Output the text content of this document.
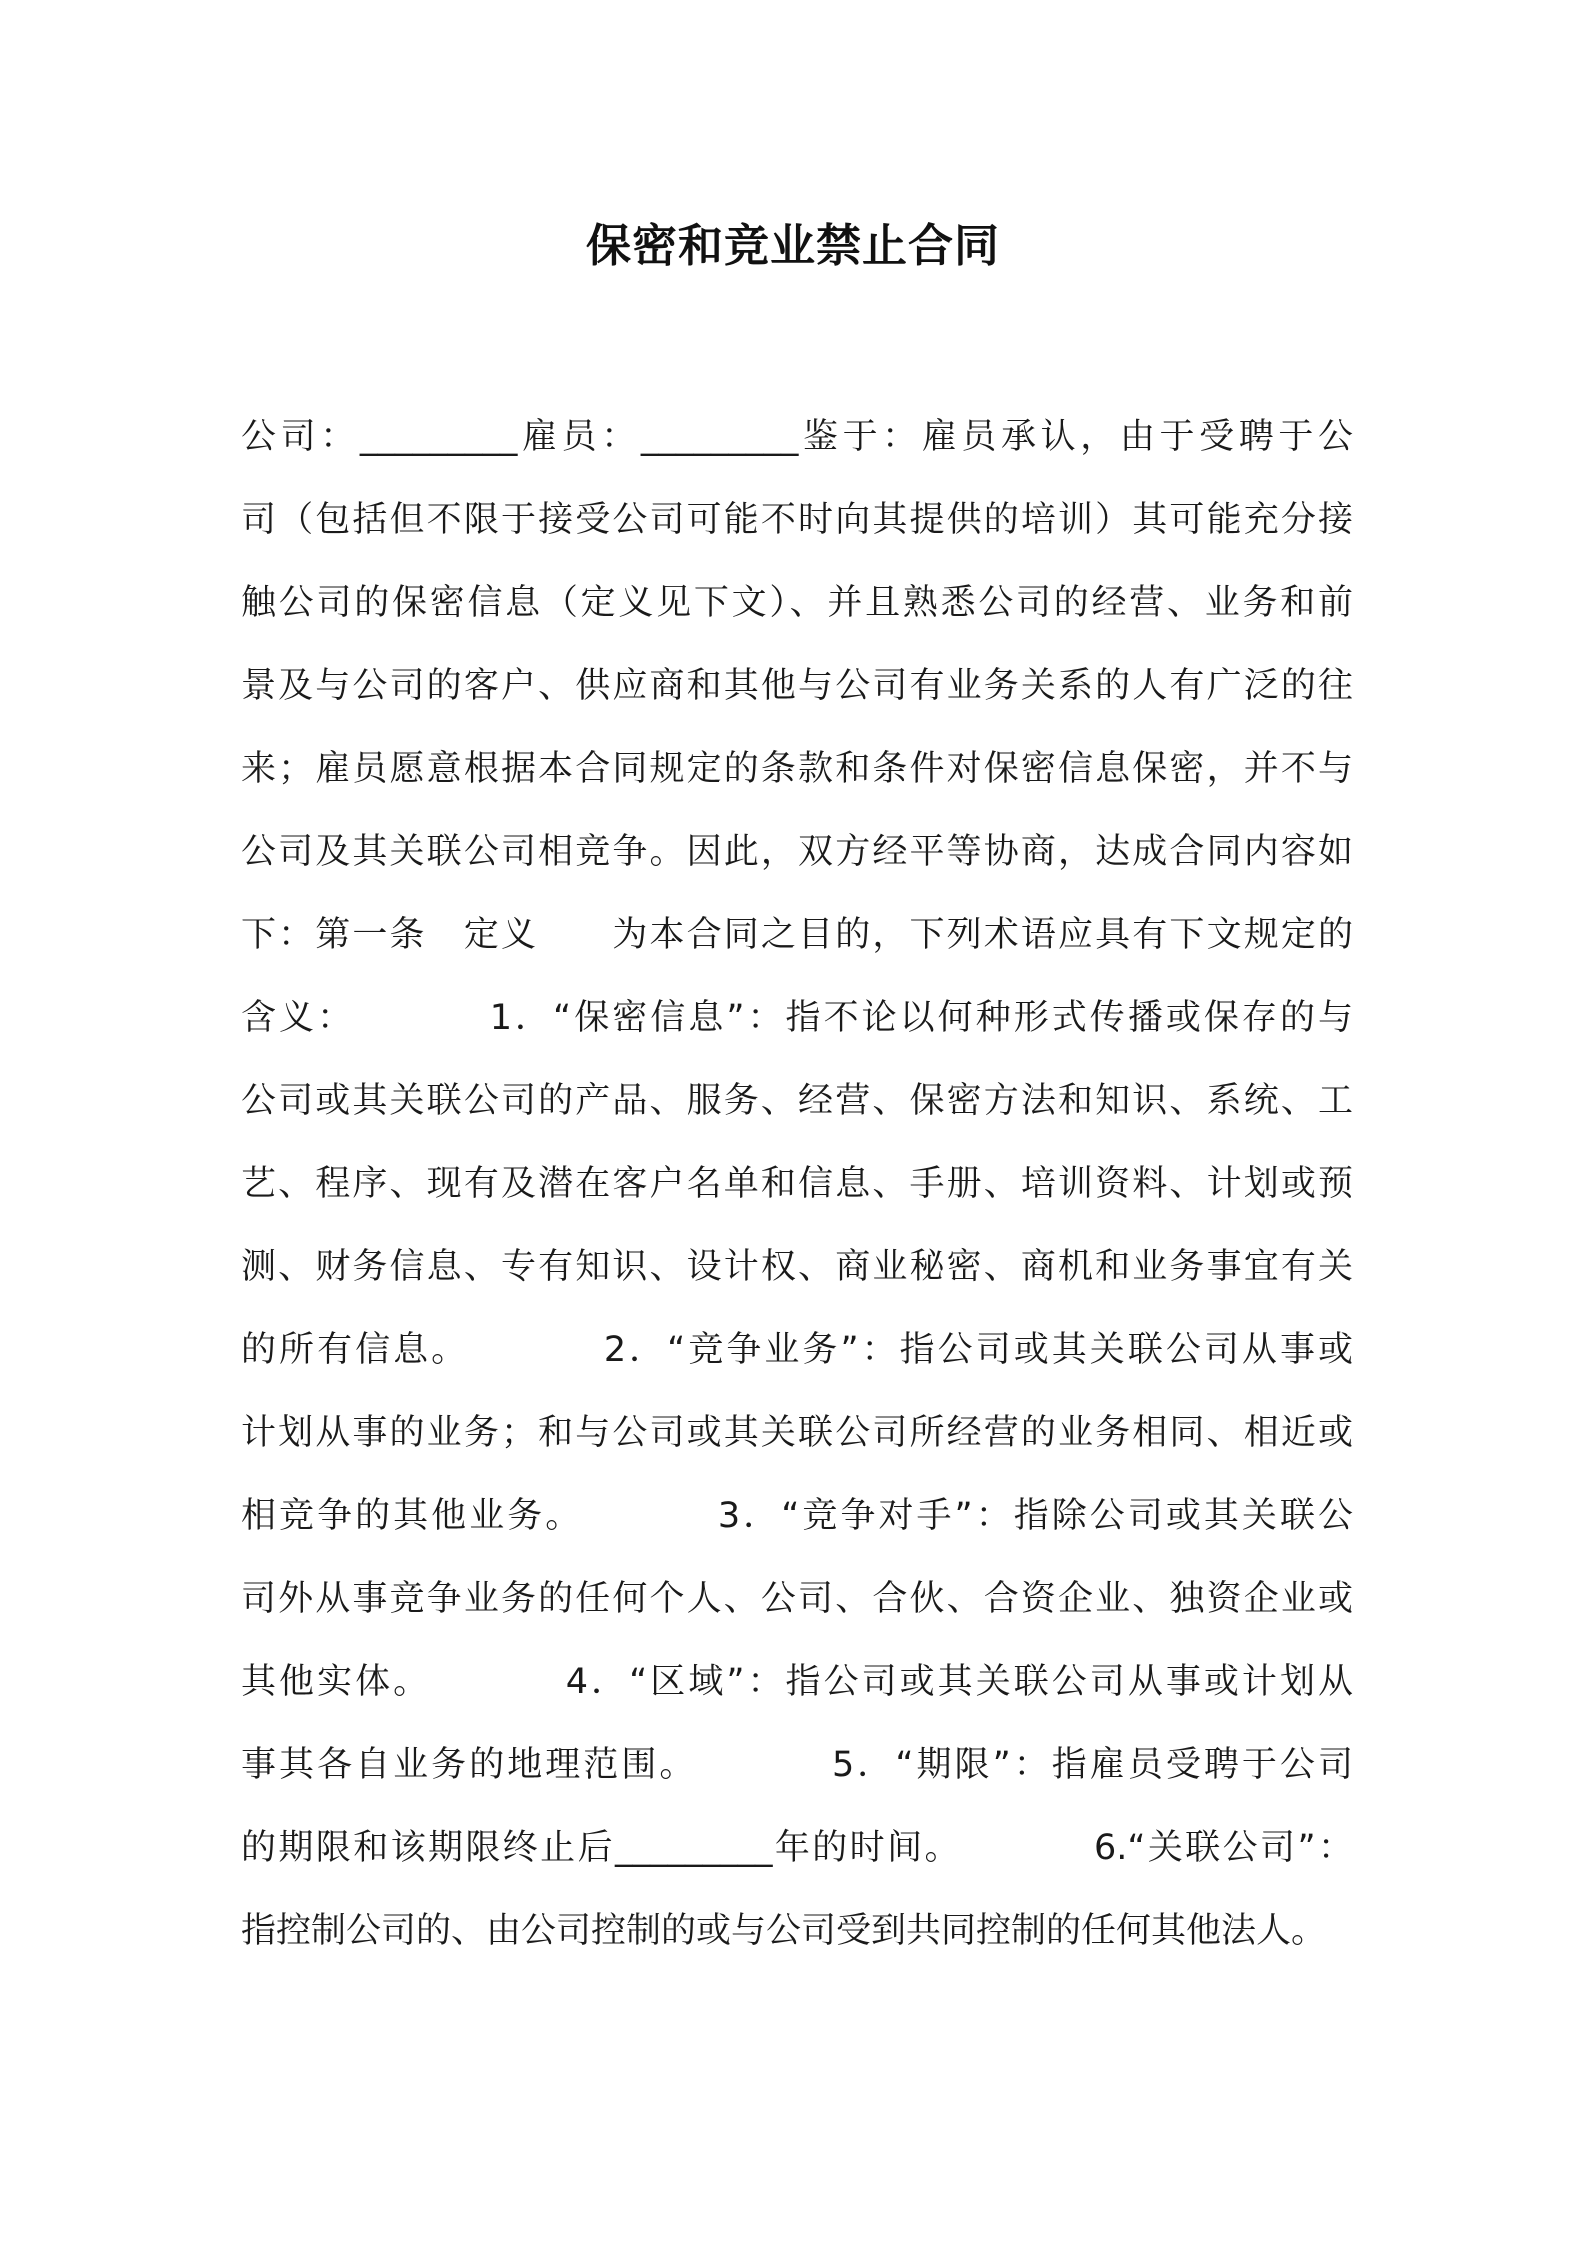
保密和竞业禁止合同
公司：_________雇员：_________鉴于：雇员承认，由于受聘于公
司（包括但不限于接受公司可能不时向其提供的培训）其可能充分接
触公司的保密信息（定义见下文）、并且熟悉公司的经营、业务和前
景及与公司的客户、供应商和其他与公司有业务关系的人有广泛的往
来；雇员愿意根据本合同规定的条款和条件对保密信息保密，并不与
公司及其关联公司相竞争。因此，双方经平等协商，达成合同内容如
下：第一条　定义　　为本合同之目的，下列术语应具有下文规定的
含义：　　　　1．“保密信息”：指不论以何种形式传播或保存的与
公司或其关联公司的产品、服务、经营、保密方法和知识、系统、工
艺、程序、现有及潜在客户名单和信息、手册、培训资料、计划或预
测、财务信息、专有知识、设计权、商业秘密、商机和业务事宜有关
的所有信息。　　　　2．“竞争业务”：指公司或其关联公司从事或
计划从事的业务；和与公司或其关联公司所经营的业务相同、相近或
相竞争的其他业务。　　　　3．“竞争对手”：指除公司或其关联公
司外从事竞争业务的任何个人、公司、合伙、合资企业、独资企业或
其他实体。　　　　4．“区域”：指公司或其关联公司从事或计划从
事其各自业务的地理范围。　　　　5．“期限”：指雇员受聘于公司
的期限和该期限终止后_________年的时间。　　　　6.“关联公司”：
指控制公司的、由公司控制的或与公司受到共同控制的任何其他法人。
